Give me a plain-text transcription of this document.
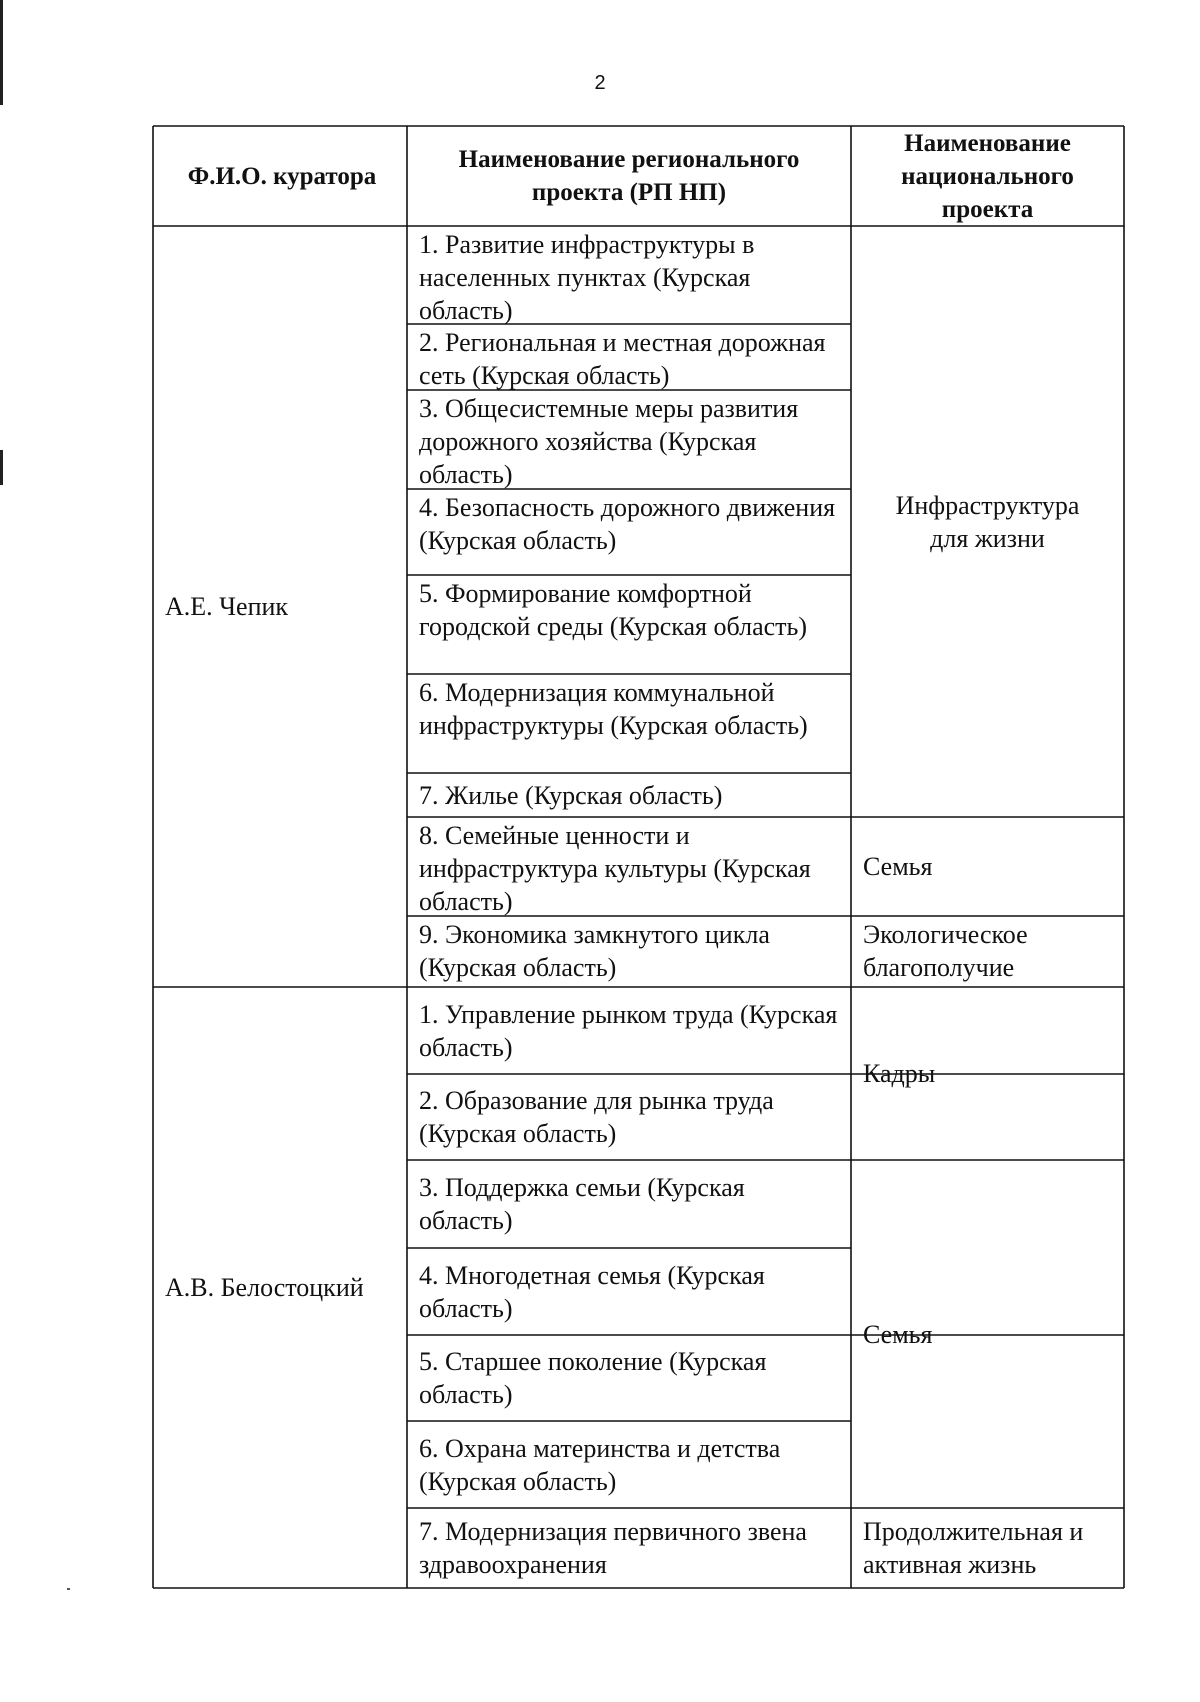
2
Ф.И.О. куратора
Наименование регионального проекта (РП НП)
Наименование национального проекта
А.Е. Чепик
1. Развитие инфраструктуры в населенных пунктах (Курская область)
2. Региональная и местная дорожная сеть (Курская область)
3. Общесистемные меры развития дорожного хозяйства (Курская область)
4. Безопасность дорожного движения (Курская область)
5. Формирование комфортной городской среды (Курская область)
6. Модернизация коммунальной инфраструктуры (Курская область)
7. Жилье (Курская область)
8. Семейные ценности и инфраструктура культуры (Курская область)
9. Экономика замкнутого цикла (Курская область)
Инфраструктура для жизни
Семья
Экологическое благополучие
А.В. Белостоцкий
1. Управление рынком труда (Курская область)
2. Образование для рынка труда (Курская область)
3. Поддержка семьи (Курская область)
4. Многодетная семья (Курская область)
5. Старшее поколение (Курская область)
6. Охрана материнства и детства (Курская область)
7. Модернизация первичного звена здравоохранения
Кадры
Семья
Продолжительная и активная жизнь
